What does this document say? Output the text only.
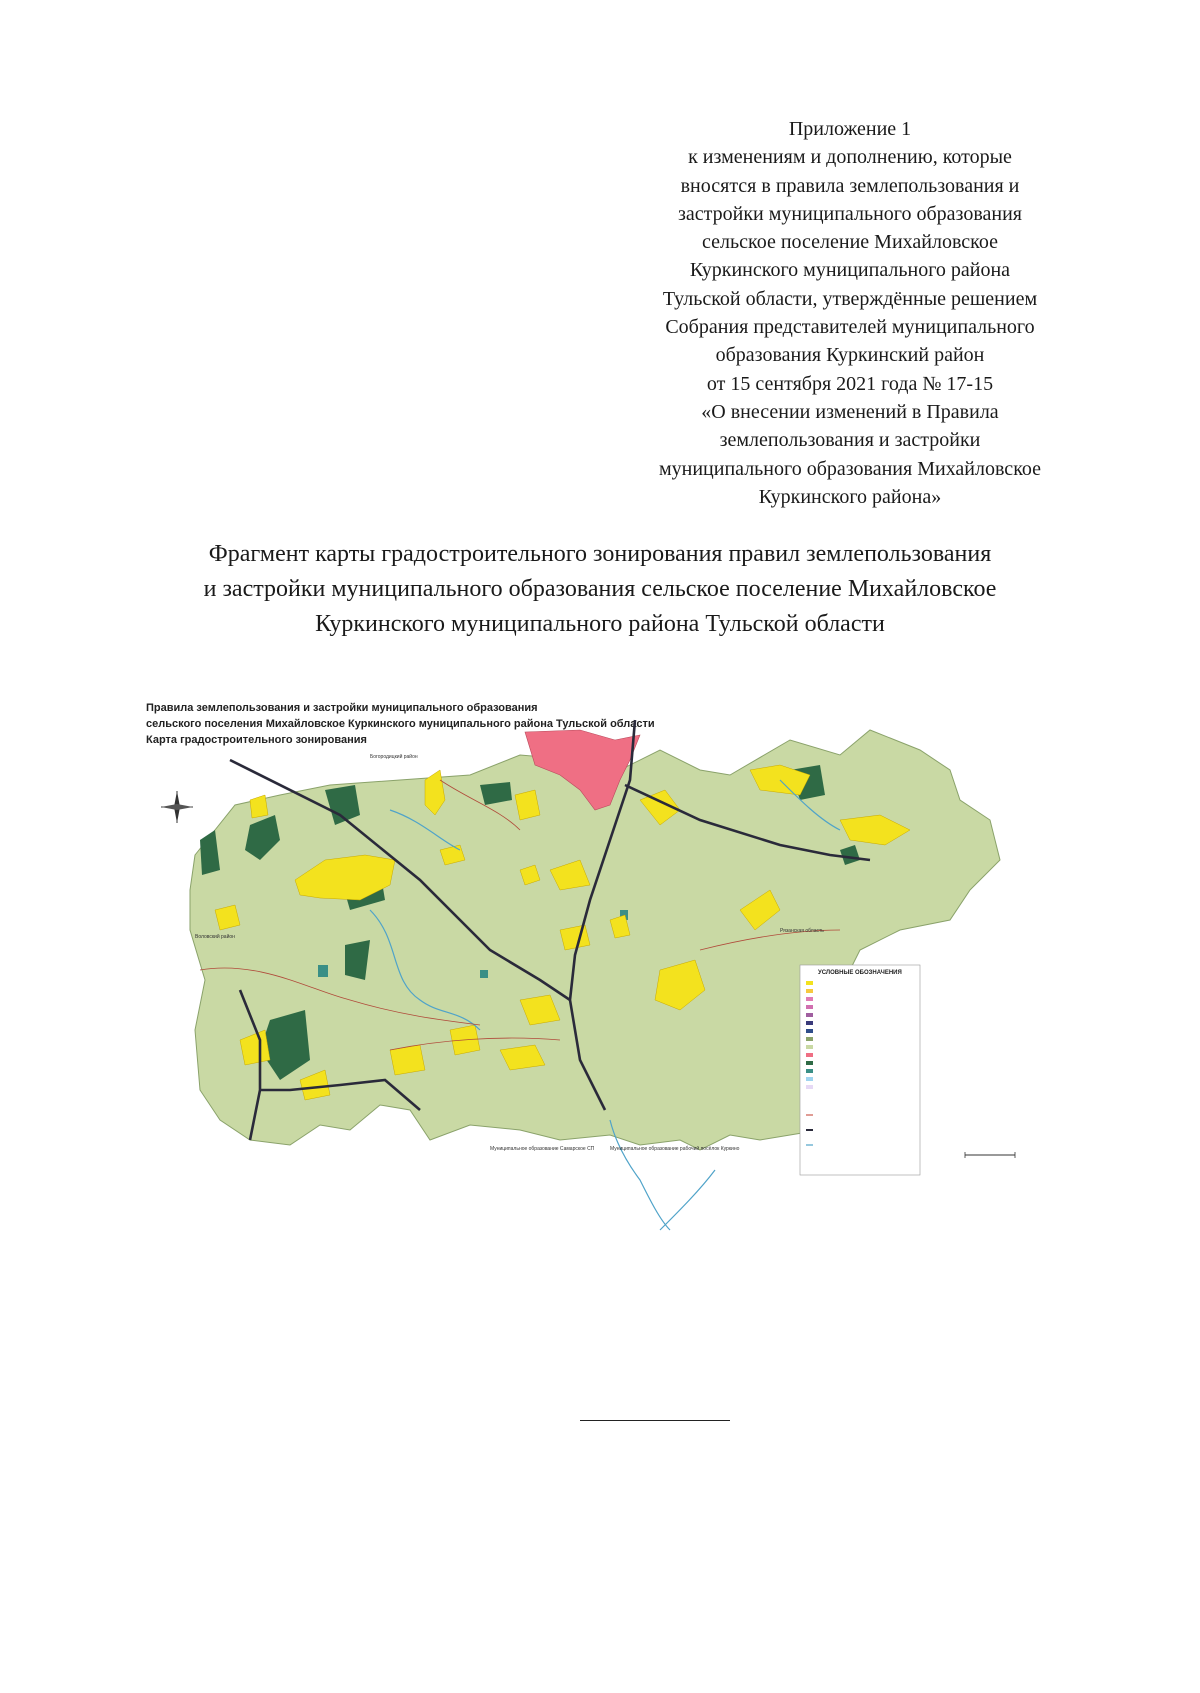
Приложение 1
к изменениям и дополнению, которые
вносятся в правила землепользования и
застройки муниципального образования
сельское поселение Михайловское
Куркинского муниципального района
Тульской области, утверждённые решением
Собрания представителей муниципального
образования Куркинский район
от 15 сентября 2021 года № 17-15
«О внесении изменений в Правила
землепользования и застройки
муниципального образования Михайловское
Куркинского района»
Фрагмент карты градостроительного зонирования правил землепользования
и застройки муниципального образования сельское поселение Михайловское
Куркинского муниципального района Тульской области
Правила землепользования и застройки муниципального образования
сельского поселения Михайловское Куркинского муниципального района Тульской области
Карта градостроительного зонирования
Богородицкий район
Воловский район
Рязанская область
Муниципальное образование Самарское СП	Муниципальное образование рабочий посёлок Куркино
УСЛОВНЫЕ ОБОЗНАЧЕНИЯ
